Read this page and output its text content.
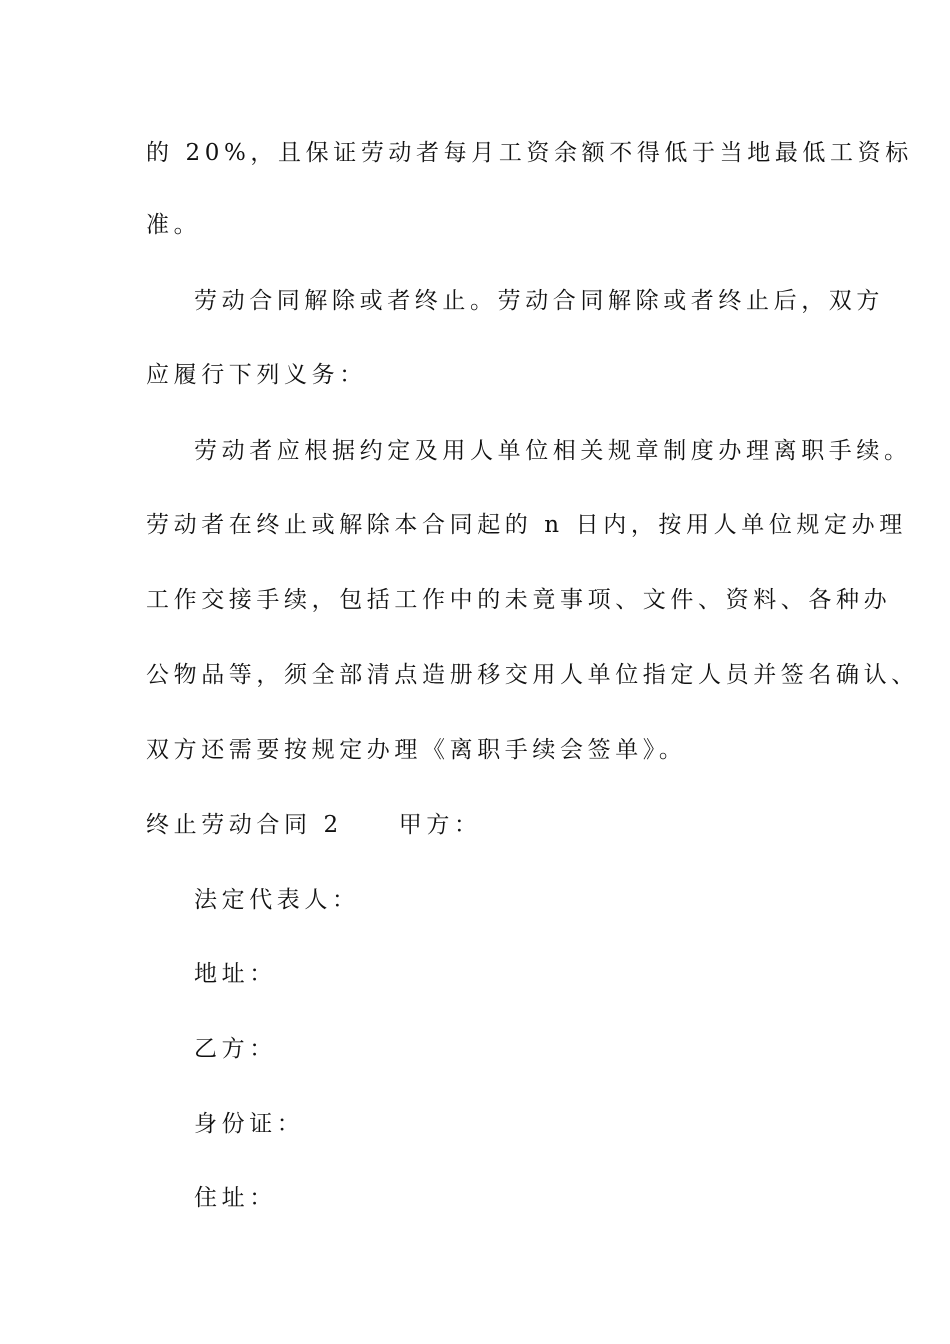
的 20%，且保证劳动者每月工资余额不得低于当地最低工资标
准。
劳动合同解除或者终止。劳动合同解除或者终止后，双方
应履行下列义务：
劳动者应根据约定及用人单位相关规章制度办理离职手续。
劳动者在终止或解除本合同起的 n 日内，按用人单位规定办理
工作交接手续，包括工作中的未竟事项、文件、资料、各种办
公物品等，须全部清点造册移交用人单位指定人员并签名确认、
双方还需要按规定办理《离职手续会签单》。
终止劳动合同 2 甲方：
法定代表人：
地址：
乙方：
身份证：
住址：
